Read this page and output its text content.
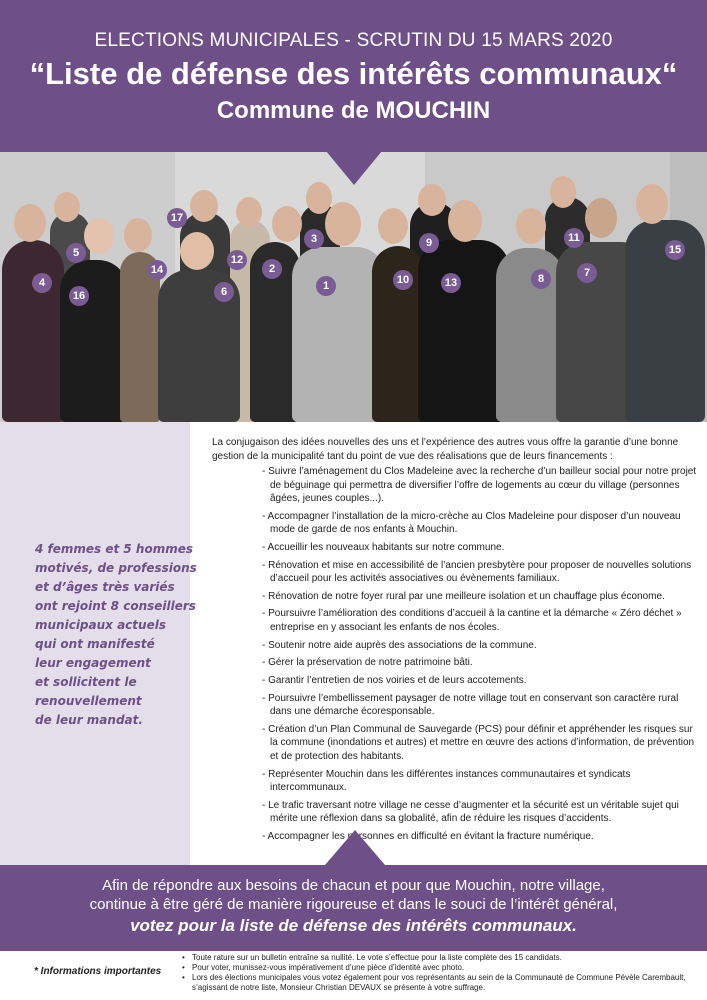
ELECTIONS MUNICIPALES - SCRUTIN DU 15 MARS 2020
“Liste de défense des intérêts communaux“
Commune de MOUCHIN
1
2
3
4
5
6
7
8
9
10
11
12
13
14
15
16
17
4 femmes et 5 hommes
motivés, de professions
et d’âges très variés
ont rejoint 8 conseillers
municipaux actuels
qui ont manifesté
leur engagement
et sollicitent le
renouvellement
de leur mandat.

La conjugaison des idées nouvelles des uns et l’expérience des autres vous offre la garantie d’une bonne gestion de la municipalité tant du point de vue des réalisations que de leurs financements :

- Suivre l’aménagement du Clos Madeleine avec la recherche d’un bailleur social pour notre projet de béguinage qui permettra de diversifier l’offre de logements au cœur du village (personnes âgées, jeunes couples...).
- Accompagner l’installation de la micro-crèche au Clos Madeleine pour disposer d’un nouveau mode de garde de nos enfants à Mouchin.
- Accueillir les nouveaux habitants sur notre commune.
- Rénovation et mise en accessibilité de l’ancien presbytère pour proposer de nouvelles solutions d’accueil pour les activités associatives ou évènements familiaux.
- Rénovation de notre foyer rural par une meilleure isolation et un chauffage plus économe.
- Poursuivre l’amélioration des conditions d’accueil à la cantine et la démarche « Zéro déchet » entreprise en y associant les enfants de nos écoles.
- Soutenir notre aide auprès des associations de la commune.
- Gérer la préservation de notre patrimoine bâti.
- Garantir l’entretien de nos voiries et de leurs accotements.
- Poursuivre l’embellissement paysager de notre village tout en conservant son caractère rural dans une démarche écoresponsable.
- Création d’un Plan Communal de Sauvegarde (PCS) pour définir et appréhender les risques sur la commune (inondations et autres) et mettre en œuvre des actions d’information, de prévention et de protection des habitants.
- Représenter Mouchin dans les différentes instances communautaires et syndicats intercommunaux.
- Le trafic traversant notre village ne cesse d’augmenter et la sécurité est un véritable sujet qui mérite une réflexion dans sa globalité, afin de réduire les risques d’accidents.
- Accompagner les personnes en difficulté en évitant la fracture numérique.
Afin de répondre aux besoins de chacun et pour que Mouchin, notre village,
continue à être géré de manière rigoureuse et dans le souci de l’intérêt général,
votez pour la liste de défense des intérêts communaux.
* Informations importantes
• Toute rature sur un bulletin entraîne sa nullité. Le vote s’effectue pour la liste complète des 15 candidats.
• Pour voter, munissez-vous impérativement d’une pièce d’identité avec photo.
• Lors des élections municipales vous votez également pour vos représentants au sein de la Communauté de Commune Pévèle Carembault, s’agissant de notre liste, Monsieur Christian DEVAUX se présente à votre suffrage.
